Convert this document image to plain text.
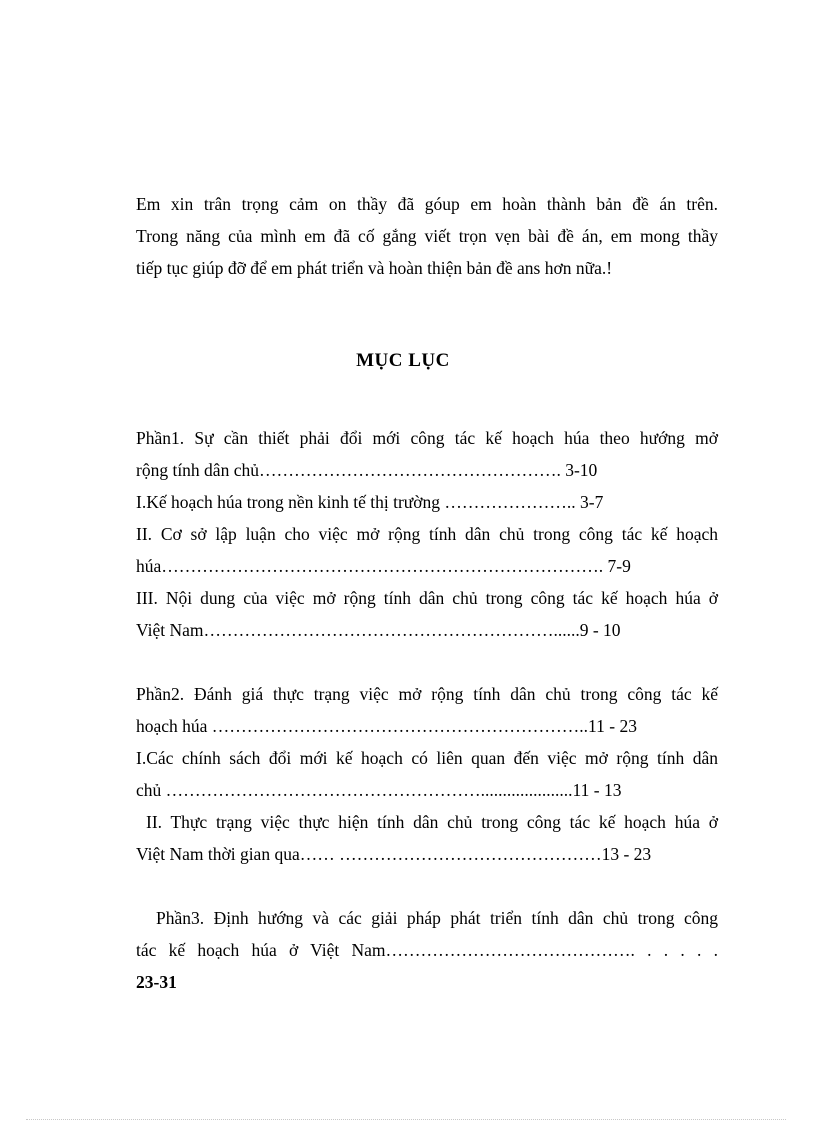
Em xin trân trọng cảm on thầy đã góup em hoàn thành bản đề án trên.
Trong năng của mình em đã cố gắng viết trọn vẹn bài đề án, em mong thầy
tiếp tục giúp đỡ để em phát triển và hoàn thiện bản đề ans hơn nữa.!
MỤC LỤC
Phần1. Sự cần thiết phải đổi mới công tác kế hoạch húa theo hướng mở
rộng tính dân chủ……………………………………………. 3-10
I.Kế hoạch húa trong nền kinh tế thị trường ………………….. 3-7
II. Cơ sở lập luận cho việc mở rộng tính dân chủ trong công tác kế hoạch
húa…………………………………………………………………. 7-9
III. Nội dung của việc mở rộng tính dân chủ trong công tác kế hoạch húa ở
Việt Nam……………………………………………………......9 - 10
Phần2. Đánh giá thực trạng việc mở rộng tính dân chủ trong công tác kế
hoạch húa ………………………………………………………..11 - 23
I.Các chính sách đổi mới kế hoạch có liên quan đến việc mở rộng tính dân
chủ ……………………………………………….....................11 - 13
II. Thực trạng việc thực hiện tính dân chủ trong công tác kế hoạch húa ở
Việt Nam thời gian qua…… ………………………………………13 - 23
Phần3. Định hướng và các giải pháp phát triển tính dân chủ trong công
tác kế hoạch húa ở Việt Nam……………………………………. . . . . .
23-31
